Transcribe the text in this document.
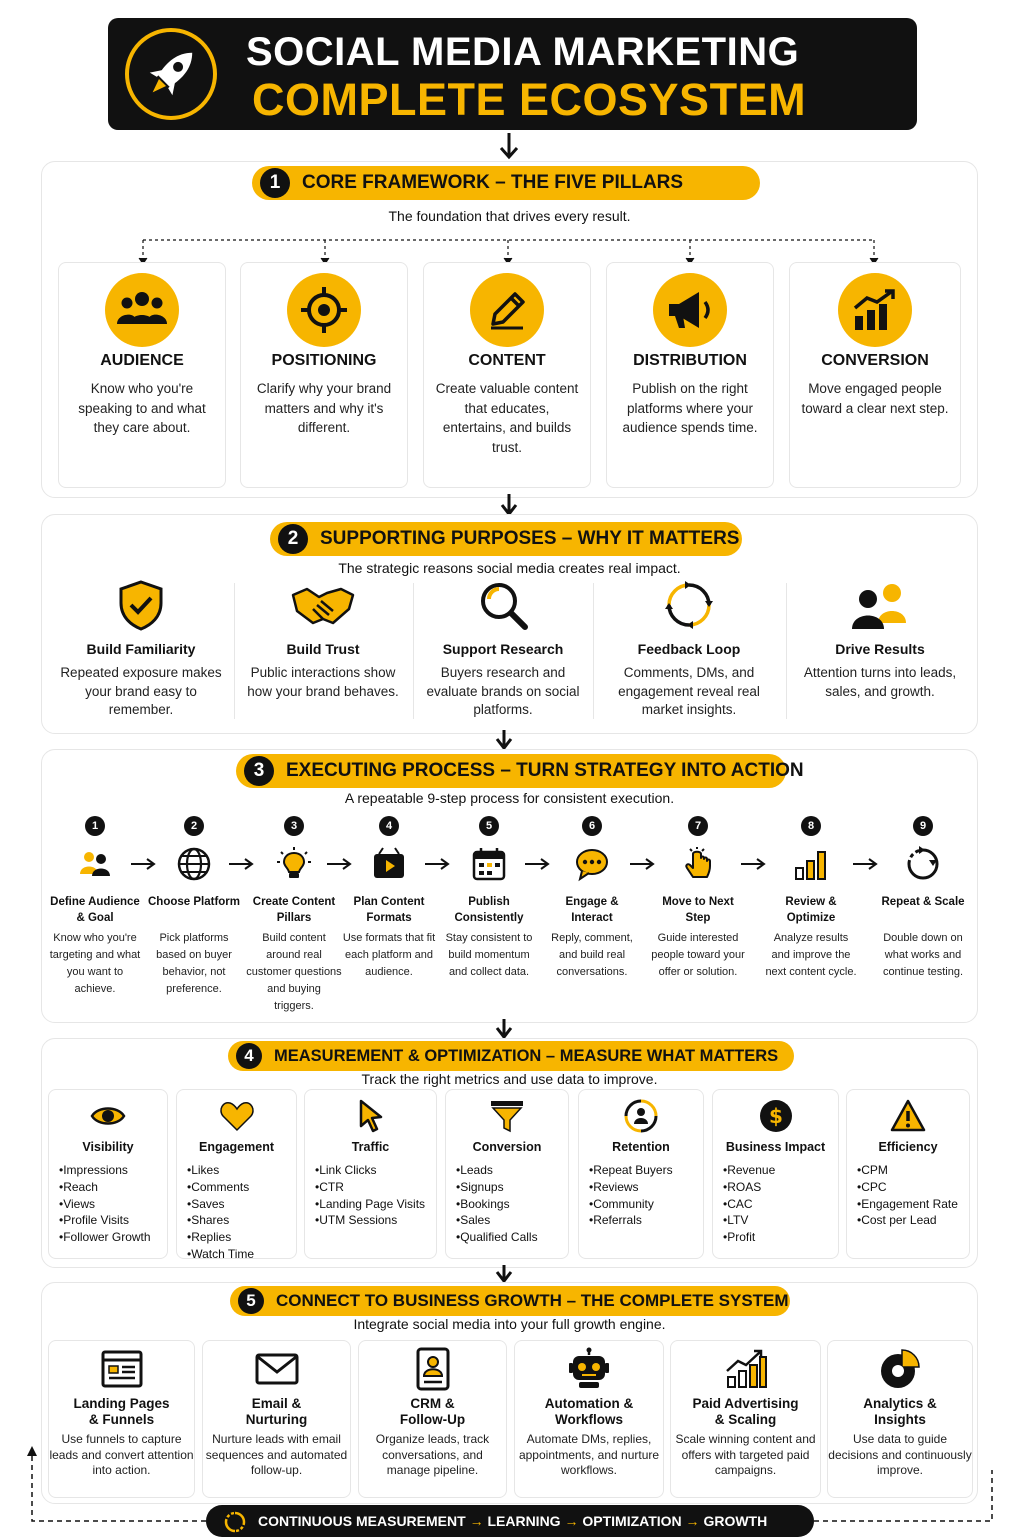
SOCIAL MEDIA MARKETING
COMPLETE ECOSYSTEM
1	CORE FRAMEWORK – THE FIVE PILLARS
The foundation that drives every result.
AUDIENCE
Know who you're speaking to and what they care about.
POSITIONING
Clarify why your brand matters and why it's different.
CONTENT
Create valuable content that educates, entertains, and builds trust.
DISTRIBUTION
Publish on the right platforms where your audience spends time.
CONVERSION
Move engaged people toward a clear next step.
2	SUPPORTING PURPOSES – WHY IT MATTERS
The strategic reasons social media creates real impact.
Build Familiarity
Repeated exposure makes your brand easy to remember.
Build Trust
Public interactions show how your brand behaves.
Support Research
Buyers research and evaluate brands on social platforms.
Feedback Loop
Comments, DMs, and engagement reveal real market insights.
Drive Results
Attention turns into leads, sales, and growth.
3	EXECUTING PROCESS – TURN STRATEGY INTO ACTION
A repeatable 9-step process for consistent execution.
1
Define Audience & Goal
Know who you're targeting and what you want to achieve.
2
Choose Platform
Pick platforms based on buyer behavior, not preference.
3
Create Content Pillars
Build content around real customer questions and buying triggers.
4
Plan Content Formats
Use formats that fit each platform and audience.
5
Publish Consistently
Stay consistent to build momentum and collect data.
6
Engage & Interact
Reply, comment, and build real conversations.
7
Move to Next Step
Guide interested people toward your offer or solution.
8
Review & Optimize
Analyze results and improve the next content cycle.
9
Repeat & Scale
Double down on what works and continue testing.
4	MEASUREMENT & OPTIMIZATION – MEASURE WHAT MATTERS
Track the right metrics and use data to improve.
Visibility
• Impressions
• Reach
• Views
• Profile Visits
• Follower Growth
Engagement
• Likes
• Comments
• Saves
• Shares
• Replies
• Watch Time
Traffic
• Link Clicks
• CTR
• Landing Page Visits
• UTM Sessions
Conversion
• Leads
• Signups
• Bookings
• Sales
• Qualified Calls
Retention
• Repeat Buyers
• Reviews
• Community
• Referrals
$
Business Impact
• Revenue
• ROAS
• CAC
• LTV
• Profit
Efficiency
• CPM
• CPC
• Engagement Rate
• Cost per Lead
5	CONNECT TO BUSINESS GROWTH – THE COMPLETE SYSTEM
Integrate social media into your full growth engine.
Landing Pages
& Funnels
Use funnels to capture leads and convert attention into action.
Email &
Nurturing
Nurture leads with email sequences and automated follow-up.
CRM &
Follow-Up
Organize leads, track conversations, and manage pipeline.
Automation &
Workflows
Automate DMs, replies, appointments, and nurture workflows.
Paid Advertising
& Scaling
Scale winning content and offers with targeted paid campaigns.
Analytics &
Insights
Use data to guide decisions and continuously improve.
CONTINUOUS MEASUREMENT → LEARNING → OPTIMIZATION → GROWTH
